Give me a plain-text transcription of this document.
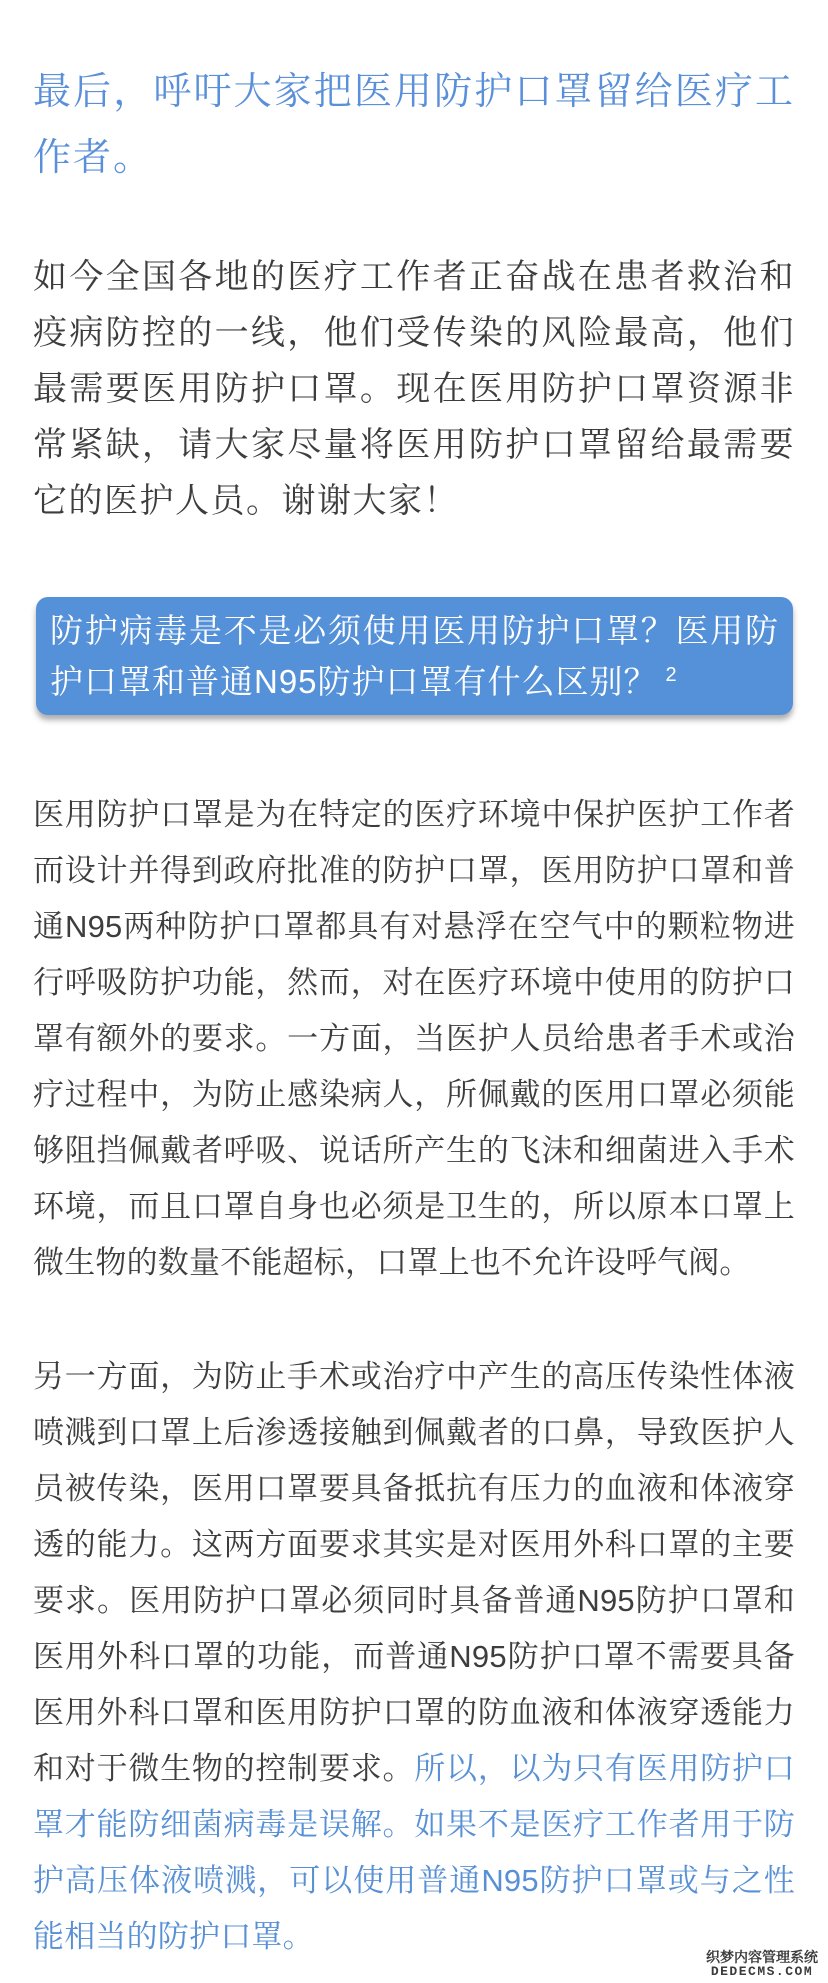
最后，呼吁大家把医用防护口罩留给医疗工作者。

如今全国各地的医疗工作者正奋战在患者救治和疫病防控的一线，他们受传染的风险最高，他们最需要医用防护口罩。现在医用防护口罩资源非常紧缺，请大家尽量将医用防护口罩留给最需要它的医护人员。谢谢大家！

防护病毒是不是必须使用医用防护口罩？医用防护口罩和普通N95防护口罩有什么区别？ $^2$

医用防护口罩是为在特定的医疗环境中保护医护工作者而设计并得到政府批准的防护口罩，医用防护口罩和普通N95两种防护口罩都具有对悬浮在空气中的颗粒物进行呼吸防护功能，然而，对在医疗环境中使用的防护口罩有额外的要求。一方面，当医护人员给患者手术或治疗过程中，为防止感染病人，所佩戴的医用口罩必须能够阻挡佩戴者呼吸、说话所产生的飞沫和细菌进入手术环境，而且口罩自身也必须是卫生的，所以原本口罩上微生物的数量不能超标，口罩上也不允许设呼气阀。

另一方面，为防止手术或治疗中产生的高压传染性体液喷溅到口罩上后渗透接触到佩戴者的口鼻，导致医护人员被传染，医用口罩要具备抵抗有压力的血液和体液穿透的能力。这两方面要求其实是对医用外科口罩的主要要求。医用防护口罩必须同时具备普通N95防护口罩和医用外科口罩的功能，而普通N95防护口罩不需要具备医用外科口罩和医用防护口罩的防血液和体液穿透能力和对于微生物的控制要求。所以，以为只有医用防护口罩才能防细菌病毒是误解。如果不是医疗工作者用于防护高压体液喷溅，可以使用普通N95防护口罩或与之性能相当的防护口罩。

织梦内容管理系统
DEDECMS.COM
